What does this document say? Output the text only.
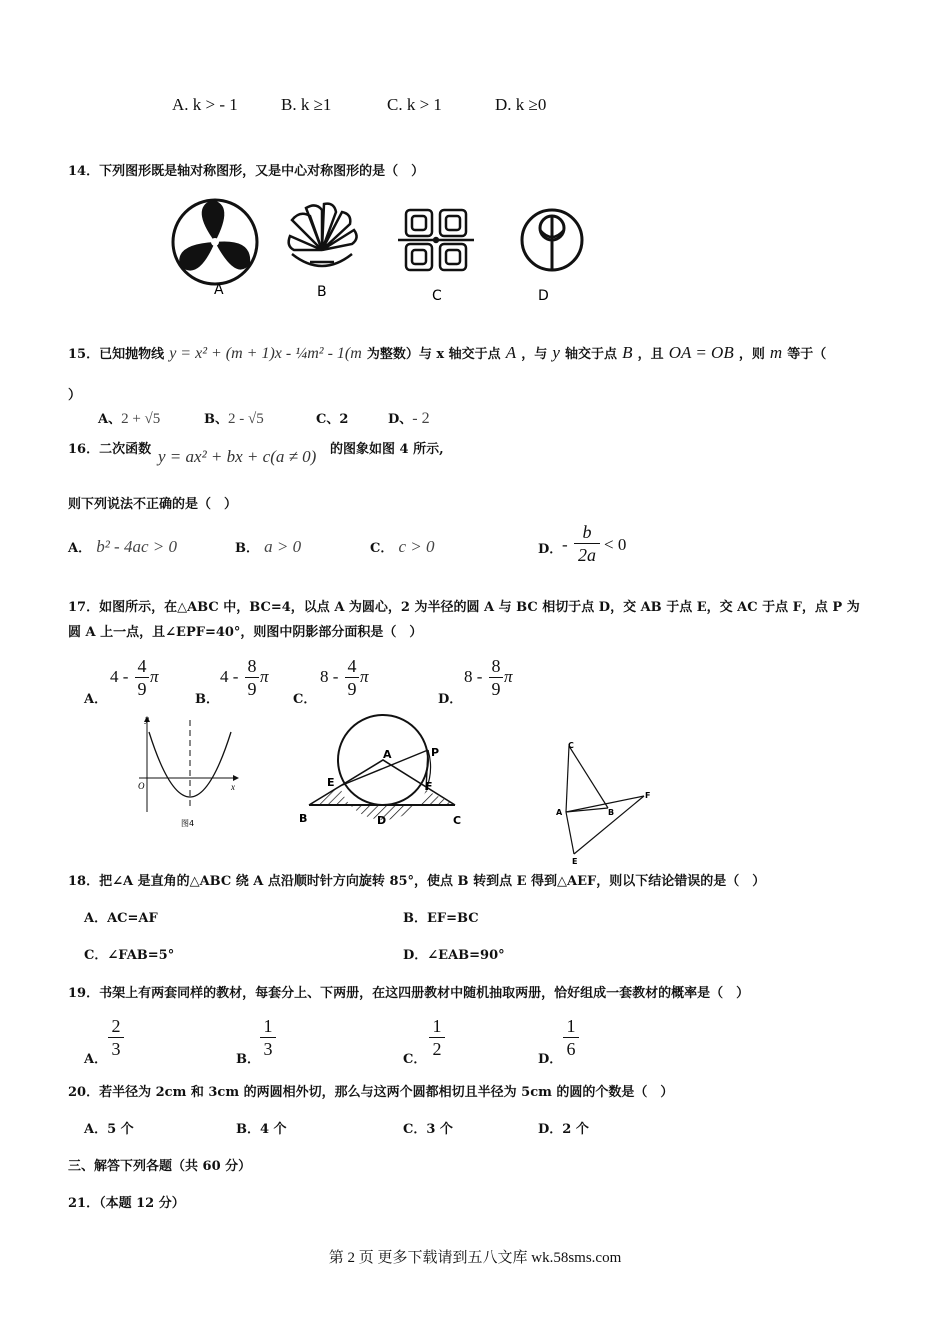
A. k > - 1	B. k ≥1	C. k > 1	D. k ≥0
14．下列图形既是轴对称图形，又是中心对称图形的是（　）
A	B	C	D
15．已知抛物线 y = x² + (m + 1)x - ¼m² - 1(m 为整数）与 x 轴交于点 A ，与 y 轴交于点 B ，且 OA = OB ，则 m 等于（
）
A、2 + √5	B、2 - √5	C、2	D、- 2
16．二次函数 y = ax² + bx + c(a ≠ 0) 的图象如图 4 所示,
则下列说法不正确的是（　）
A． b² - 4ac > 0	B． a > 0	C． c > 0	D． -
b
2a
< 0
17．如图所示，在△ABC 中，BC=4，以点 A 为圆心，2 为半径的圆 A 与 BC 相切于点 D，交 AB 于点 E，交 AC 于点 F，点 P 为
圆 A 上一点，且∠EPF=40°，则图中阴影部分面积是（　）
A．
4 -
4
9
π
B．
4 -
8
9
π
C．
8 -
4
9
π
D．
8 -
8
9
π
y
O	x
图4
A	P
E	F
B	D	C
C
A	B
F
E
18．把∠A 是直角的△ABC 绕 A 点沿顺时针方向旋转 85°，使点 B 转到点 E 得到△AEF，则以下结论错误的是（　）
A．AC=AF	B．EF=BC
C．∠FAB=5°	D．∠EAB=90°
19．书架上有两套同样的教材，每套分上、下两册，在这四册教材中随机抽取两册，恰好组成一套教材的概率是（　）
A．
2
3
B．
1
3
C．
1
2
D．
1
6
20．若半径为 2cm 和 3cm 的两圆相外切，那么与这两个圆都相切且半径为 5cm 的圆的个数是（　）
A．5 个	B．4 个	C．3 个	D．2 个
三、解答下列各题（共 60 分）
21．（本题 12 分）
第 2 页 更多下载请到五八文库 wk.58sms.com
